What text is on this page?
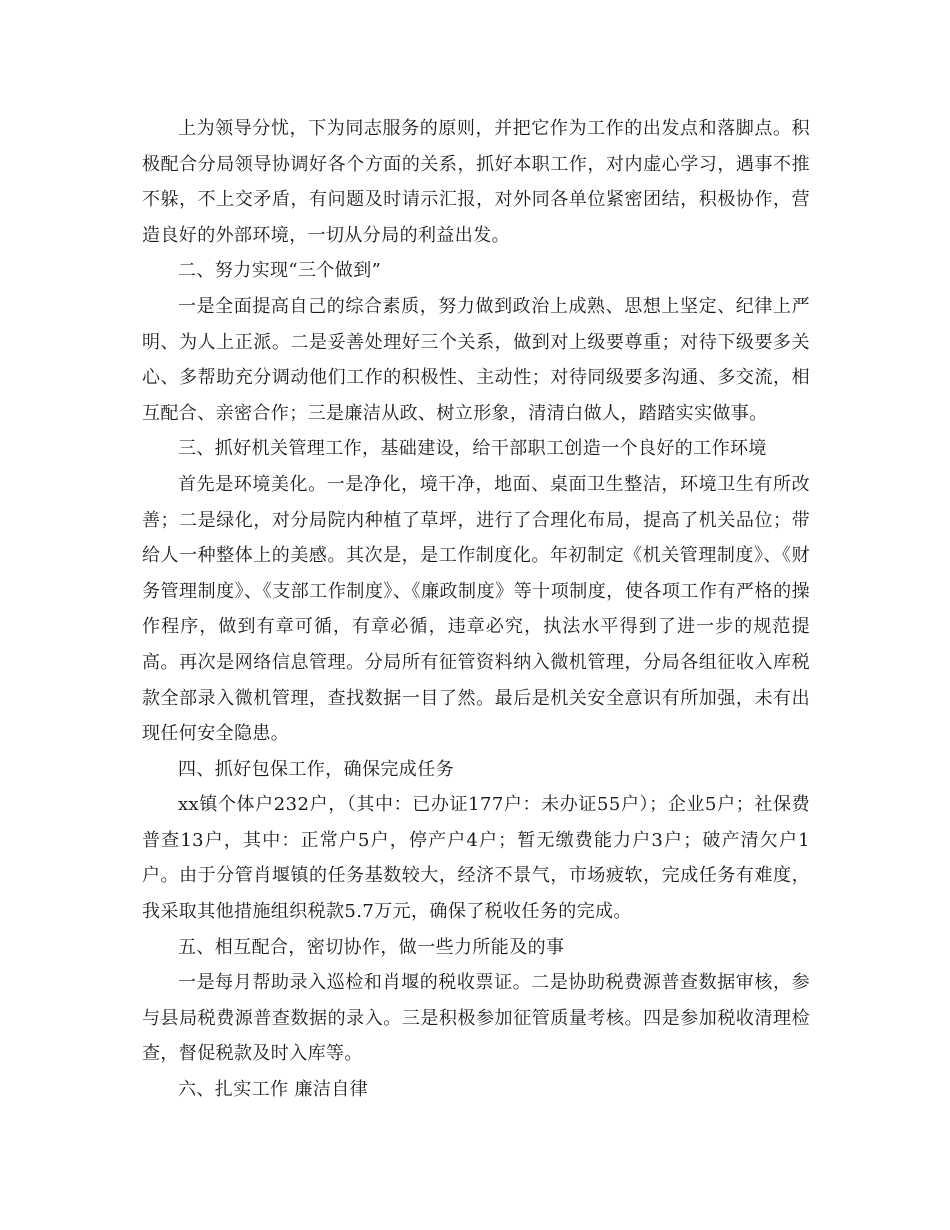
上为领导分忧，下为同志服务的原则，并把它作为工作的出发点和落脚点。积极配合分局领导协调好各个方面的关系，抓好本职工作，对内虚心学习，遇事不推不躲，不上交矛盾，有问题及时请示汇报，对外同各单位紧密团结，积极协作，营造良好的外部环境，一切从分局的利益出发。

二、努力实现“三个做到”

一是全面提高自己的综合素质，努力做到政治上成熟、思想上坚定、纪律上严明、为人上正派。二是妥善处理好三个关系，做到对上级要尊重；对待下级要多关心、多帮助充分调动他们工作的积极性、主动性；对待同级要多沟通、多交流，相互配合、亲密合作；三是廉洁从政、树立形象，清清白做人，踏踏实实做事。

三、抓好机关管理工作，基础建设，给干部职工创造一个良好的工作环境

首先是环境美化。一是净化，境干净，地面、桌面卫生整洁，环境卫生有所改善；二是绿化，对分局院内种植了草坪，进行了合理化布局，提高了机关品位；带给人一种整体上的美感。其次是，是工作制度化。年初制定《机关管理制度》、《财务管理制度》、《支部工作制度》、《廉政制度》等十项制度，使各项工作有严格的操作程序，做到有章可循，有章必循，违章必究，执法水平得到了进一步的规范提高。再次是网络信息管理。分局所有征管资料纳入微机管理，分局各组征收入库税款全部录入微机管理，查找数据一目了然。最后是机关安全意识有所加强，未有出现任何安全隐患。

四、抓好包保工作，确保完成任务

xx镇个体户232户，（其中：已办证177户：未办证55户）；企业5户；社保费普查13户，其中：正常户5户，停产户4户；暂无缴费能力户3户；破产清欠户1户。由于分管肖堰镇的任务基数较大，经济不景气，市场疲软，完成任务有难度，我采取其他措施组织税款5.7万元，确保了税收任务的完成。

五、相互配合，密切协作，做一些力所能及的事

一是每月帮助录入巡检和肖堰的税收票证。二是协助税费源普查数据审核，参与县局税费源普查数据的录入。三是积极参加征管质量考核。四是参加税收清理检查，督促税款及时入库等。

六、扎实工作 廉洁自律
